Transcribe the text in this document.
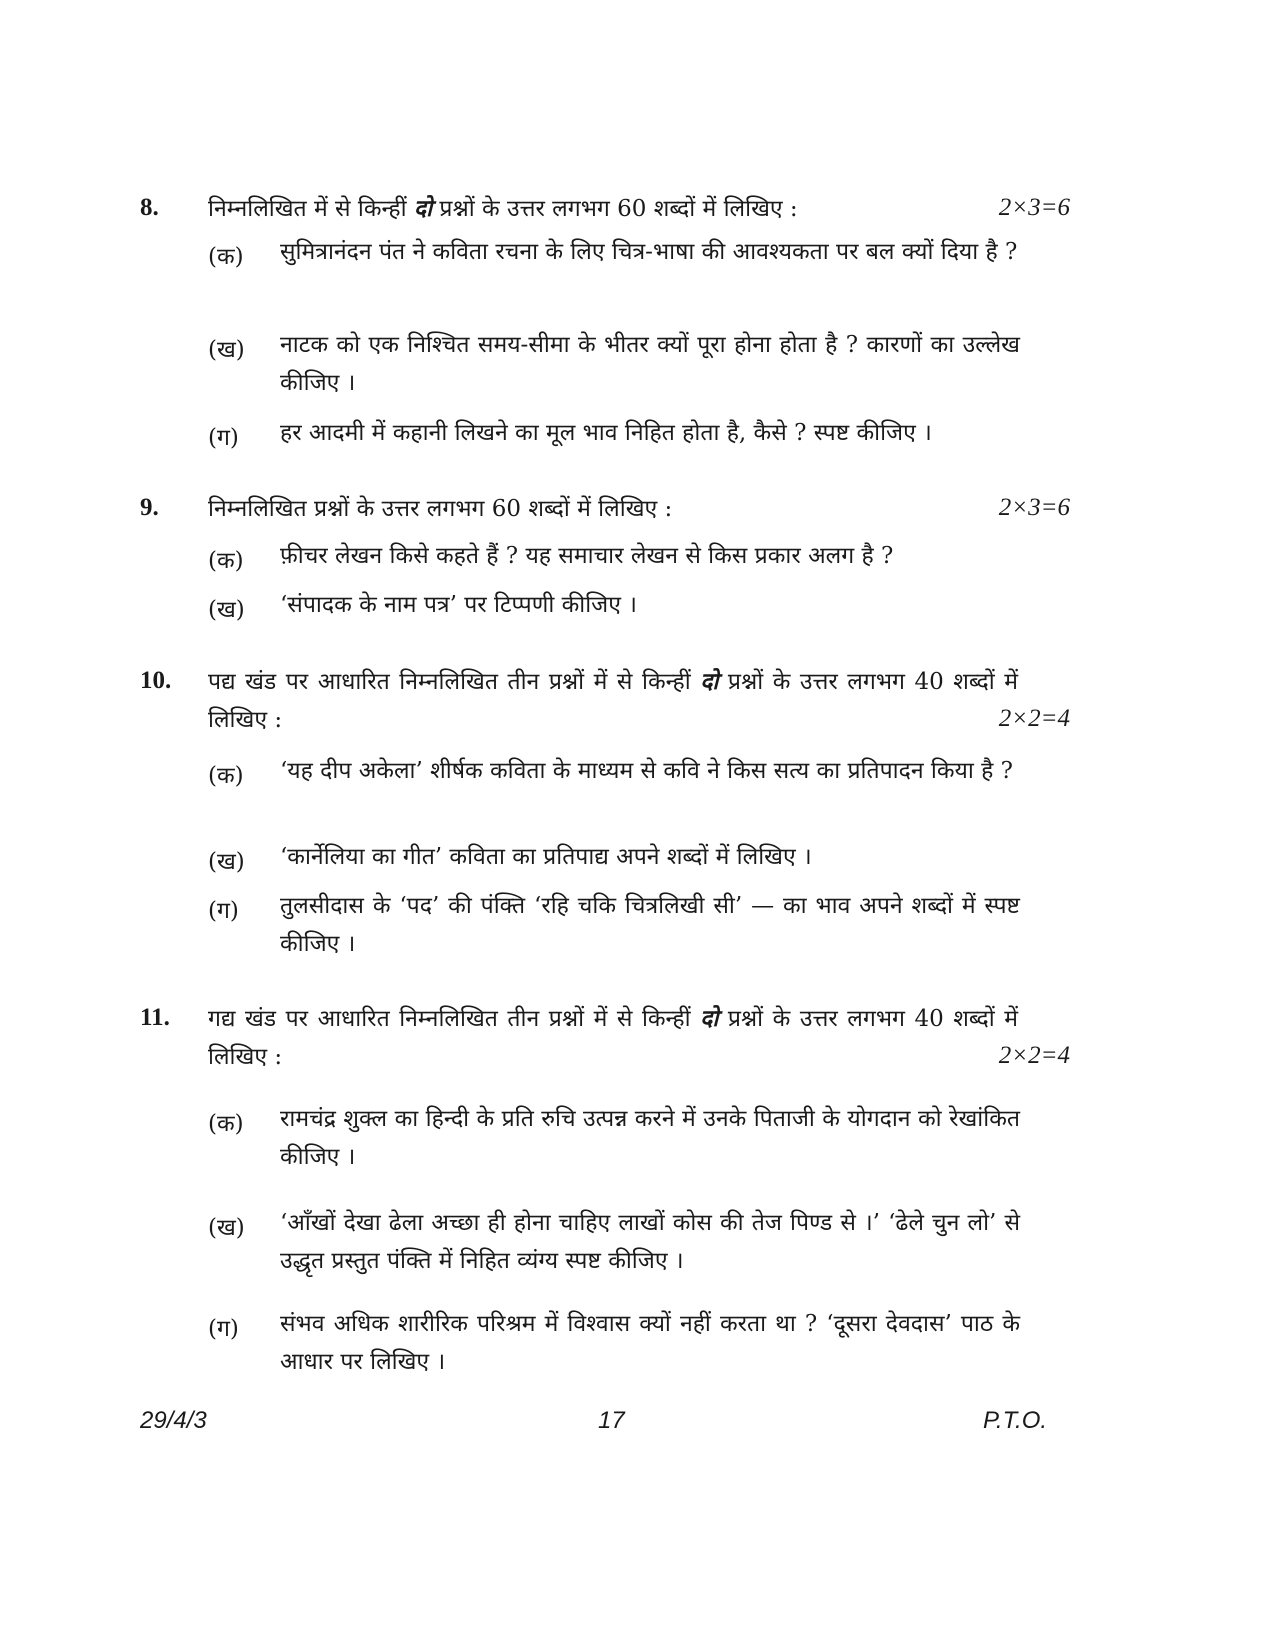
8. निम्नलिखित में से किन्हीं दो प्रश्नों के उत्तर लगभग 60 शब्दों में लिखिए :	2×3=6
(क)	सुमित्रानंदन पंत ने कविता रचना के लिए चित्र-भाषा की आवश्यकता पर बल क्यों दिया है ?
(ख)	नाटक को एक निश्चित समय-सीमा के भीतर क्यों पूरा होना होता है ? कारणों का उल्लेख कीजिए ।
(ग)	हर आदमी में कहानी लिखने का मूल भाव निहित होता है, कैसे ? स्पष्ट कीजिए ।
9. निम्नलिखित प्रश्नों के उत्तर लगभग 60 शब्दों में लिखिए :	2×3=6
(क)	फ़ीचर लेखन किसे कहते हैं ? यह समाचार लेखन से किस प्रकार अलग है ?
(ख)	‘संपादक के नाम पत्र’ पर टिप्पणी कीजिए ।
10. पद्य खंड पर आधारित निम्नलिखित तीन प्रश्नों में से किन्हीं दो प्रश्नों के उत्तर लगभग 40 शब्दों में लिखिए :	2×2=4
(क)	‘यह दीप अकेला’ शीर्षक कविता के माध्यम से कवि ने किस सत्य का प्रतिपादन किया है ?
(ख)	‘कार्नेलिया का गीत’ कविता का प्रतिपाद्य अपने शब्दों में लिखिए ।
(ग)	तुलसीदास के ‘पद’ की पंक्ति ‘रहि चकि चित्रलिखी सी’ — का भाव अपने शब्दों में स्पष्ट कीजिए ।
11. गद्य खंड पर आधारित निम्नलिखित तीन प्रश्नों में से किन्हीं दो प्रश्नों के उत्तर लगभग 40 शब्दों में लिखिए :	2×2=4
(क)	रामचंद्र शुक्ल का हिन्दी के प्रति रुचि उत्पन्न करने में उनके पिताजी के योगदान को रेखांकित कीजिए ।
(ख)	‘आँखों देखा ढेला अच्छा ही होना चाहिए लाखों कोस की तेज पिण्ड से ।’ ‘ढेले चुन लो’ से उद्धृत प्रस्तुत पंक्ति में निहित व्यंग्य स्पष्ट कीजिए ।
(ग)	संभव अधिक शारीरिक परिश्रम में विश्वास क्यों नहीं करता था ? ‘दूसरा देवदास’ पाठ के आधार पर लिखिए ।
29/4/3	17	P.T.O.
